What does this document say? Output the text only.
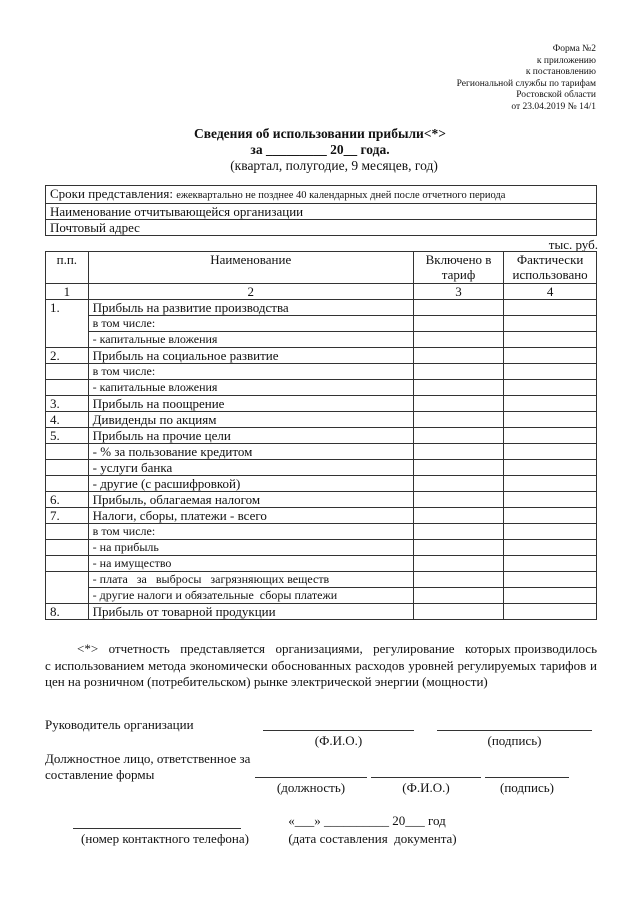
Форма №2
к приложению
к постановлению
Региональной службы по тарифам
Ростовской области
от 23.04.2019 № 14/1
Сведения об использовании прибыли<*>
за _________ 20__ года.
(квартал, полугодие, 9 месяцев, год)
Сроки представления: ежеквартально не позднее 40 календарных дней после отчетного периода
Наименование отчитывающейся организации
Почтовый адрес
тыс. руб.
п.п.	Наименование	Включено в тариф	Фактически использовано
1	2	3	4
1.	Прибыль на развитие производства		
	в том числе:		
	- капитальные вложения		
2.	Прибыль на социальное развитие		
	в том числе:		
	- капитальные вложения		
3.	Прибыль на поощрение		
4.	Дивиденды по акциям		
5.	Прибыль на прочие цели		
	- % за пользование кредитом		
	- услуги банка		
	- другие (с расшифровкой)		
6.	Прибыль, облагаемая налогом		
7.	Налоги, сборы, платежи - всего		
	в том числе:		
	- на прибыль		
	- на имущество		
	- плата   за   выбросы   загрязняющих веществ		
	- другие налоги и обязательные  сборы платежи		
8.	Прибыль от товарной продукции		
<*>   отчетность   представляется   организациями,   регулирование   которых производилось с использованием метода экономически обоснованных расходов уровней регулируемых тарифов и цен на розничном (потребительском) рынке электрической энергии (мощности)
Руководитель организации
(Ф.И.О.)	(подпись)
Должностное лицо, ответственное за
составление формы
(должность)	(Ф.И.О.)	(подпись)
(номер контактного телефона)
«___» __________ 20___ год
(дата составления  документа)
